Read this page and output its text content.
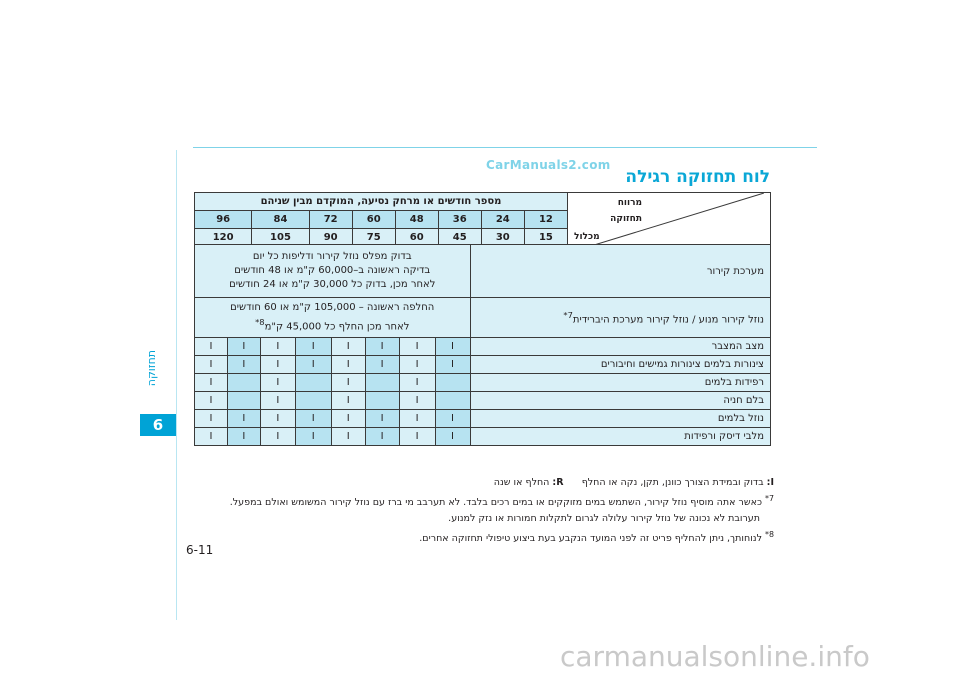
CarManuals2.com
לוח תחזוקה רגילה
תחזוקה
6
מספר חודשים או מרחק נסיעה, המוקדם מבין שניהם								מרווח
תחזוקה
מכלול

96	84	72	60	48	36	24	12	
120	105	90	75	60	45	30	15	

בדוק מפלס נוזל קירור ודליפות כל יום
בדיקה ראשונה ב–60,000 ק"מ או 48 חודשים
לאחר מכן, בדוק כל 30,000 ק"מ או 24 חודשים								מערכת קירור

החלפה ראשונה – 105,000 ק"מ או 60 חודשים
לאחר מכן החלף כל 45,000 ק"מ$^{8*}$								נוזל קירור מנוע / נוזל קירור מערכת היברידית$^{7*}$
I	I	I	I	I	I	I	I	מצב המצבר
I	I	I	I	I	I	I	I	צינורות בלמים צינורות גמישים וחיבורים
I		I		I		I		רפידות בלמים
I		I		I		I		בלם חניה
I	I	I	I	I	I	I	I	נוזל בלמים
I	I	I	I	I	I	I	I	מלבי דיסק ורפידות
I: בדוק ובמידת הצורך כוונן, תקן, נקה או החלף      R: החלף או שנה
$^{7*}$ כאשר אתה מוסיף נוזל קירור, השתמש במים מזוקקים או במים רכים בלבד. לא תערבב מי ברז עם נוזל קירור המשומש ואולם במפעל.
תערובת לא נכונה של נוזל קירור עלולה לגרום לתקלות חמורות או נזק למנוע.
$^{8*}$ לנוחותך, ניתן להחליף פריט זה לפני המועד הנקבע בעת ביצוע טיפולי תחזוקה אחרים.
6-11
carmanualsonline.info
